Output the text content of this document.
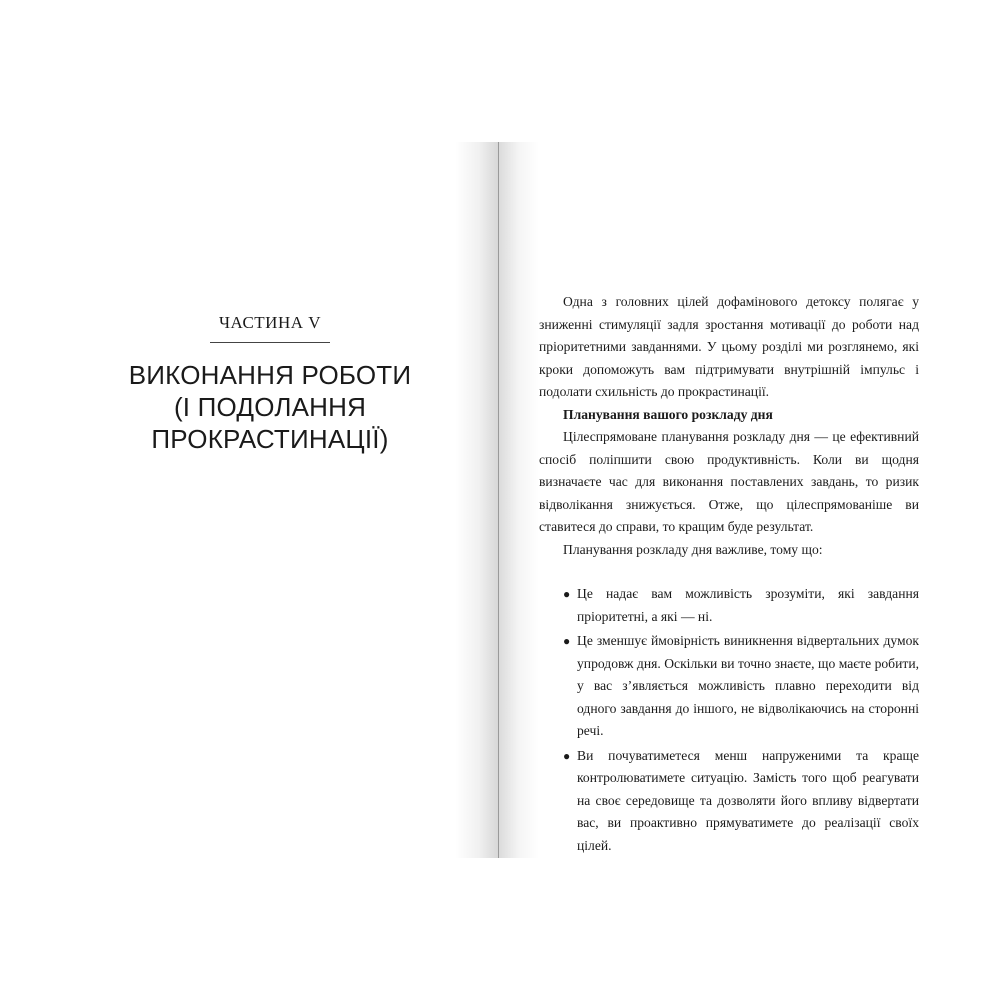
ЧАСТИНА V

ВИКОНАННЯ РОБОТИ
(І ПОДОЛАННЯ
ПРОКРАСТИНАЦІЇ)

Одна з головних цілей дофамінового детоксу полягає у зниженні стимуляції задля зростання мотивації до роботи над пріоритетними завданнями. У цьому розділі ми розглянемо, які кроки допоможуть вам підтримувати внутрішній імпульс і подолати схильність до прокрастинації.

Планування вашого розкладу дня

Цілеспрямоване планування розкладу дня — це ефективний спосіб поліпшити свою продуктивність. Коли ви щодня визначаєте час для виконання поставлених завдань, то ризик відволікання знижується. Отже, що цілеспрямованіше ви ставитеся до справи, то кращим буде результат.

Планування розкладу дня важливе, тому що:

● Це надає вам можливість зрозуміти, які завдання пріоритетні, а які — ні.
● Це зменшує ймовірність виникнення відвертальних думок упродовж дня. Оскільки ви точно знаєте, що маєте робити, у вас з’являється можливість плавно переходити від одного завдання до іншого, не відволікаючись на сторонні речі.
● Ви почуватиметеся менш напруженими та краще контролюватимете ситуацію. Замість того щоб реагувати на своє середовище та дозволяти його впливу відвертати вас, ви проактивно прямуватимете до реалізації своїх цілей.
